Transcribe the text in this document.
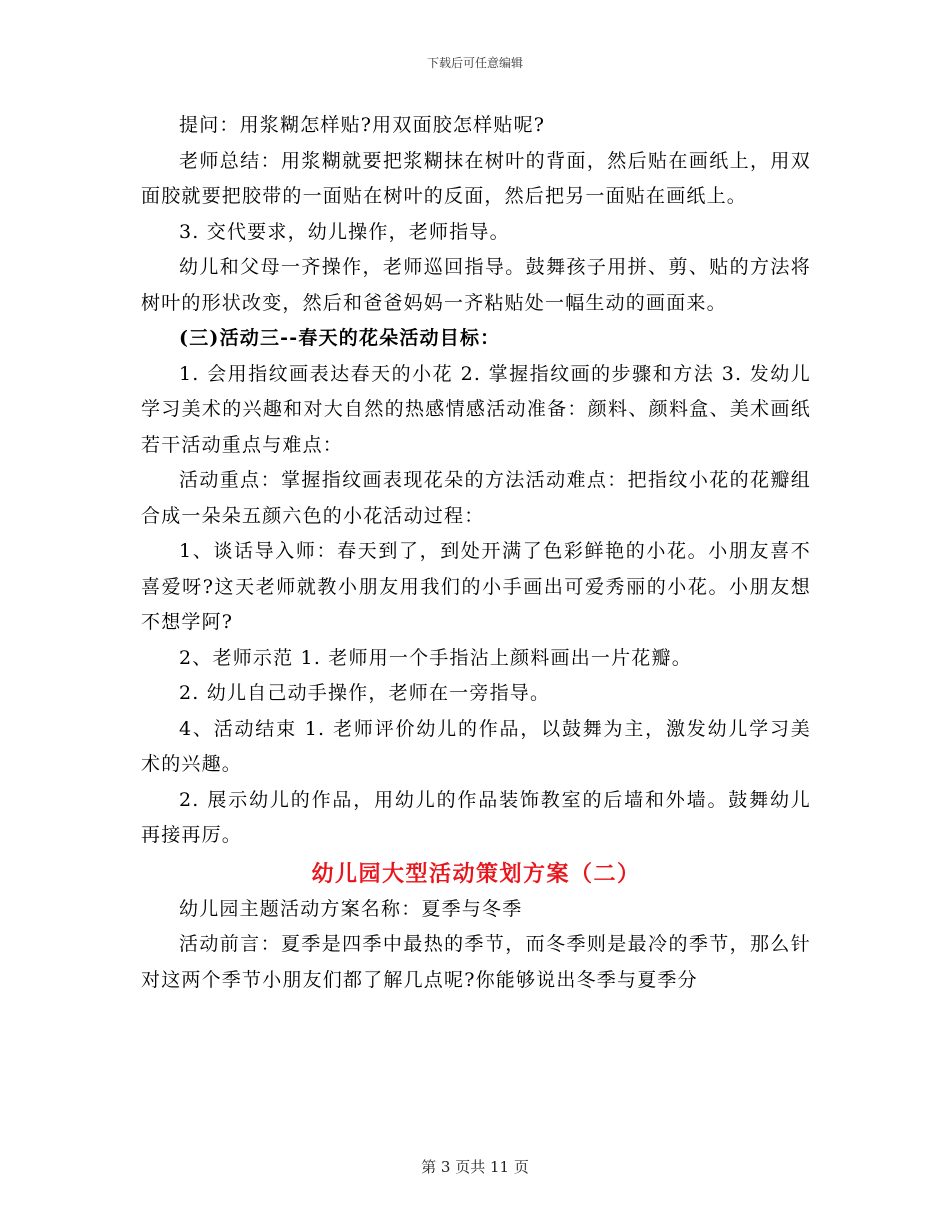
下载后可任意编辑

提问：用浆糊怎样贴?用双面胶怎样贴呢?

老师总结：用浆糊就要把浆糊抹在树叶的背面，然后贴在画纸上，用双面胶就要把胶带的一面贴在树叶的反面，然后把另一面贴在画纸上。

3. 交代要求，幼儿操作，老师指导。

幼儿和父母一齐操作，老师巡回指导。鼓舞孩子用拼、剪、贴的方法将树叶的形状改变，然后和爸爸妈妈一齐粘贴处一幅生动的画面来。

(三)活动三--春天的花朵活动目标：

1. 会用指纹画表达春天的小花 2. 掌握指纹画的步骤和方法 3. 发幼儿学习美术的兴趣和对大自然的热感情感活动准备：颜料、颜料盒、美术画纸若干活动重点与难点：

活动重点：掌握指纹画表现花朵的方法活动难点：把指纹小花的花瓣组合成一朵朵五颜六色的小花活动过程：

1、谈话导入师：春天到了，到处开满了色彩鲜艳的小花。小朋友喜不喜爱呀?这天老师就教小朋友用我们的小手画出可爱秀丽的小花。小朋友想不想学阿?

2、老师示范 1. 老师用一个手指沾上颜料画出一片花瓣。

2. 幼儿自己动手操作，老师在一旁指导。

4、活动结束 1. 老师评价幼儿的作品，以鼓舞为主，激发幼儿学习美术的兴趣。

2. 展示幼儿的作品，用幼儿的作品装饰教室的后墙和外墙。鼓舞幼儿再接再厉。

幼儿园大型活动策划方案（二）

幼儿园主题活动方案名称：夏季与冬季

活动前言：夏季是四季中最热的季节，而冬季则是最冷的季节，那么针对这两个季节小朋友们都了解几点呢?你能够说出冬季与夏季分

第 3 页共 11 页
